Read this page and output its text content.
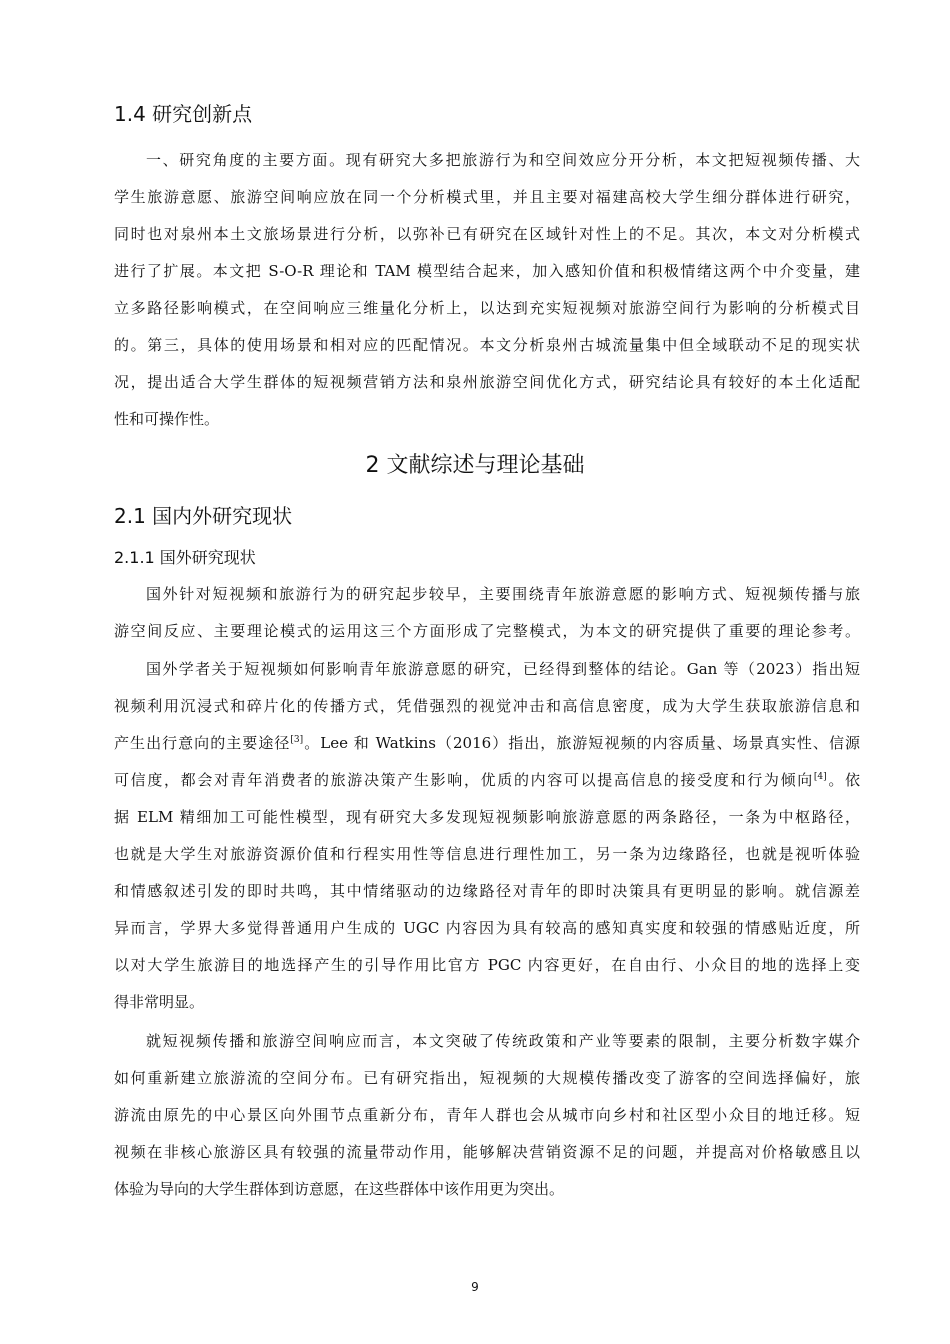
1.4 研究创新点
一、研究角度的主要方面。现有研究大多把旅游行为和空间效应分开分析，本文把短视频传播、大
学生旅游意愿、旅游空间响应放在同一个分析模式里，并且主要对福建高校大学生细分群体进行研究，
同时也对泉州本土文旅场景进行分析，以弥补已有研究在区域针对性上的不足。其次，本文对分析模式
进行了扩展。本文把 S-O-R 理论和 TAM 模型结合起来，加入感知价值和积极情绪这两个中介变量，建
立多路径影响模式，在空间响应三维量化分析上，以达到充实短视频对旅游空间行为影响的分析模式目
的。第三，具体的使用场景和相对应的匹配情况。本文分析泉州古城流量集中但全域联动不足的现实状
况，提出适合大学生群体的短视频营销方法和泉州旅游空间优化方式，研究结论具有较好的本土化适配
性和可操作性。
2 文献综述与理论基础
2.1 国内外研究现状
2.1.1 国外研究现状
国外针对短视频和旅游行为的研究起步较早，主要围绕青年旅游意愿的影响方式、短视频传播与旅
游空间反应、主要理论模式的运用这三个方面形成了完整模式，为本文的研究提供了重要的理论参考。
国外学者关于短视频如何影响青年旅游意愿的研究，已经得到整体的结论。Gan 等（2023）指出短
视频利用沉浸式和碎片化的传播方式，凭借强烈的视觉冲击和高信息密度，成为大学生获取旅游信息和
产生出行意向的主要途径[3]。Lee 和 Watkins（2016）指出，旅游短视频的内容质量、场景真实性、信源
可信度，都会对青年消费者的旅游决策产生影响，优质的内容可以提高信息的接受度和行为倾向[4]。依
据 ELM 精细加工可能性模型，现有研究大多发现短视频影响旅游意愿的两条路径，一条为中枢路径，
也就是大学生对旅游资源价值和行程实用性等信息进行理性加工，另一条为边缘路径，也就是视听体验
和情感叙述引发的即时共鸣，其中情绪驱动的边缘路径对青年的即时决策具有更明显的影响。就信源差
异而言，学界大多觉得普通用户生成的 UGC 内容因为具有较高的感知真实度和较强的情感贴近度，所
以对大学生旅游目的地选择产生的引导作用比官方 PGC 内容更好，在自由行、小众目的地的选择上变
得非常明显。
就短视频传播和旅游空间响应而言，本文突破了传统政策和产业等要素的限制，主要分析数字媒介
如何重新建立旅游流的空间分布。已有研究指出，短视频的大规模传播改变了游客的空间选择偏好，旅
游流由原先的中心景区向外围节点重新分布，青年人群也会从城市向乡村和社区型小众目的地迁移。短
视频在非核心旅游区具有较强的流量带动作用，能够解决营销资源不足的问题，并提高对价格敏感且以
体验为导向的大学生群体到访意愿，在这些群体中该作用更为突出。
9
